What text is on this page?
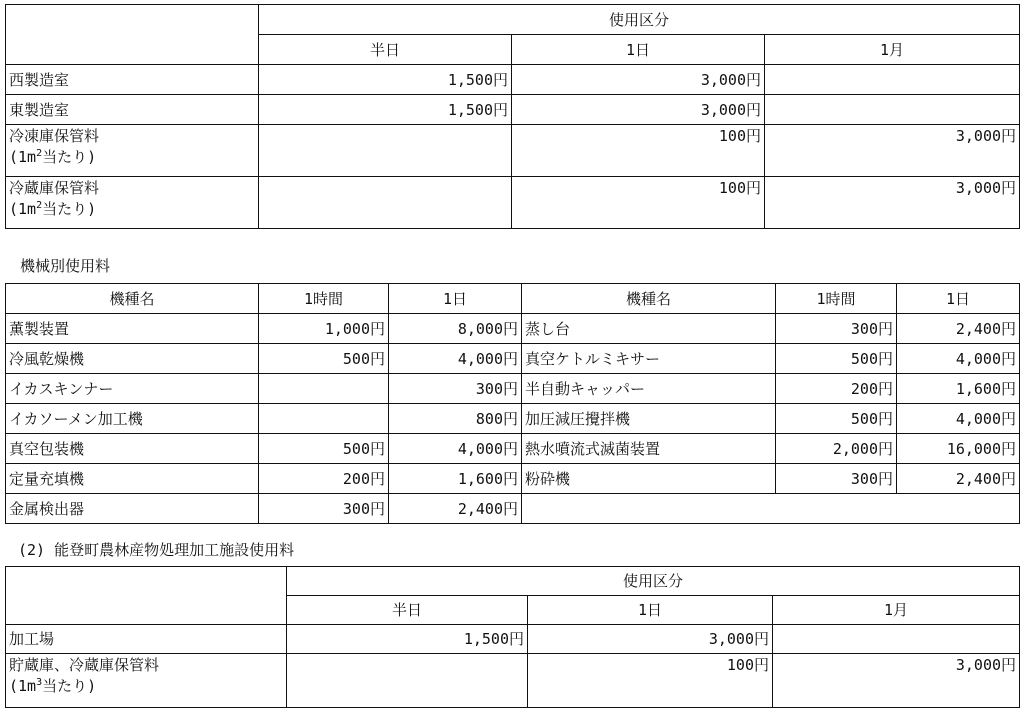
	使用区分		
	半日	1日	1月
西製造室	1,500円	3,000円	
東製造室	1,500円	3,000円	
冷凍庫保管料
($1m^2$当たり)		100円	3,000円
冷蔵庫保管料
($1m^2$当たり)		100円	3,000円
機械別使用料
機種名	1時間	1日	機種名	1時間	1日
薫製装置	1,000円	8,000円	蒸し台	300円	2,400円
冷風乾燥機	500円	4,000円	真空ケトルミキサー	500円	4,000円
イカスキンナー		300円	半自動キャッパー	200円	1,600円
イカソーメン加工機		800円	加圧減圧攪拌機	500円	4,000円
真空包装機	500円	4,000円	熱水噴流式滅菌装置	2,000円	16,000円
定量充填機	200円	1,600円	粉砕機	300円	2,400円
金属検出器	300円	2,400円			
(2) 能登町農林産物処理加工施設使用料
	使用区分		
	半日	1日	1月
加工場	1,500円	3,000円	
貯蔵庫、冷蔵庫保管料
($1m^3$当たり)		100円	3,000円
